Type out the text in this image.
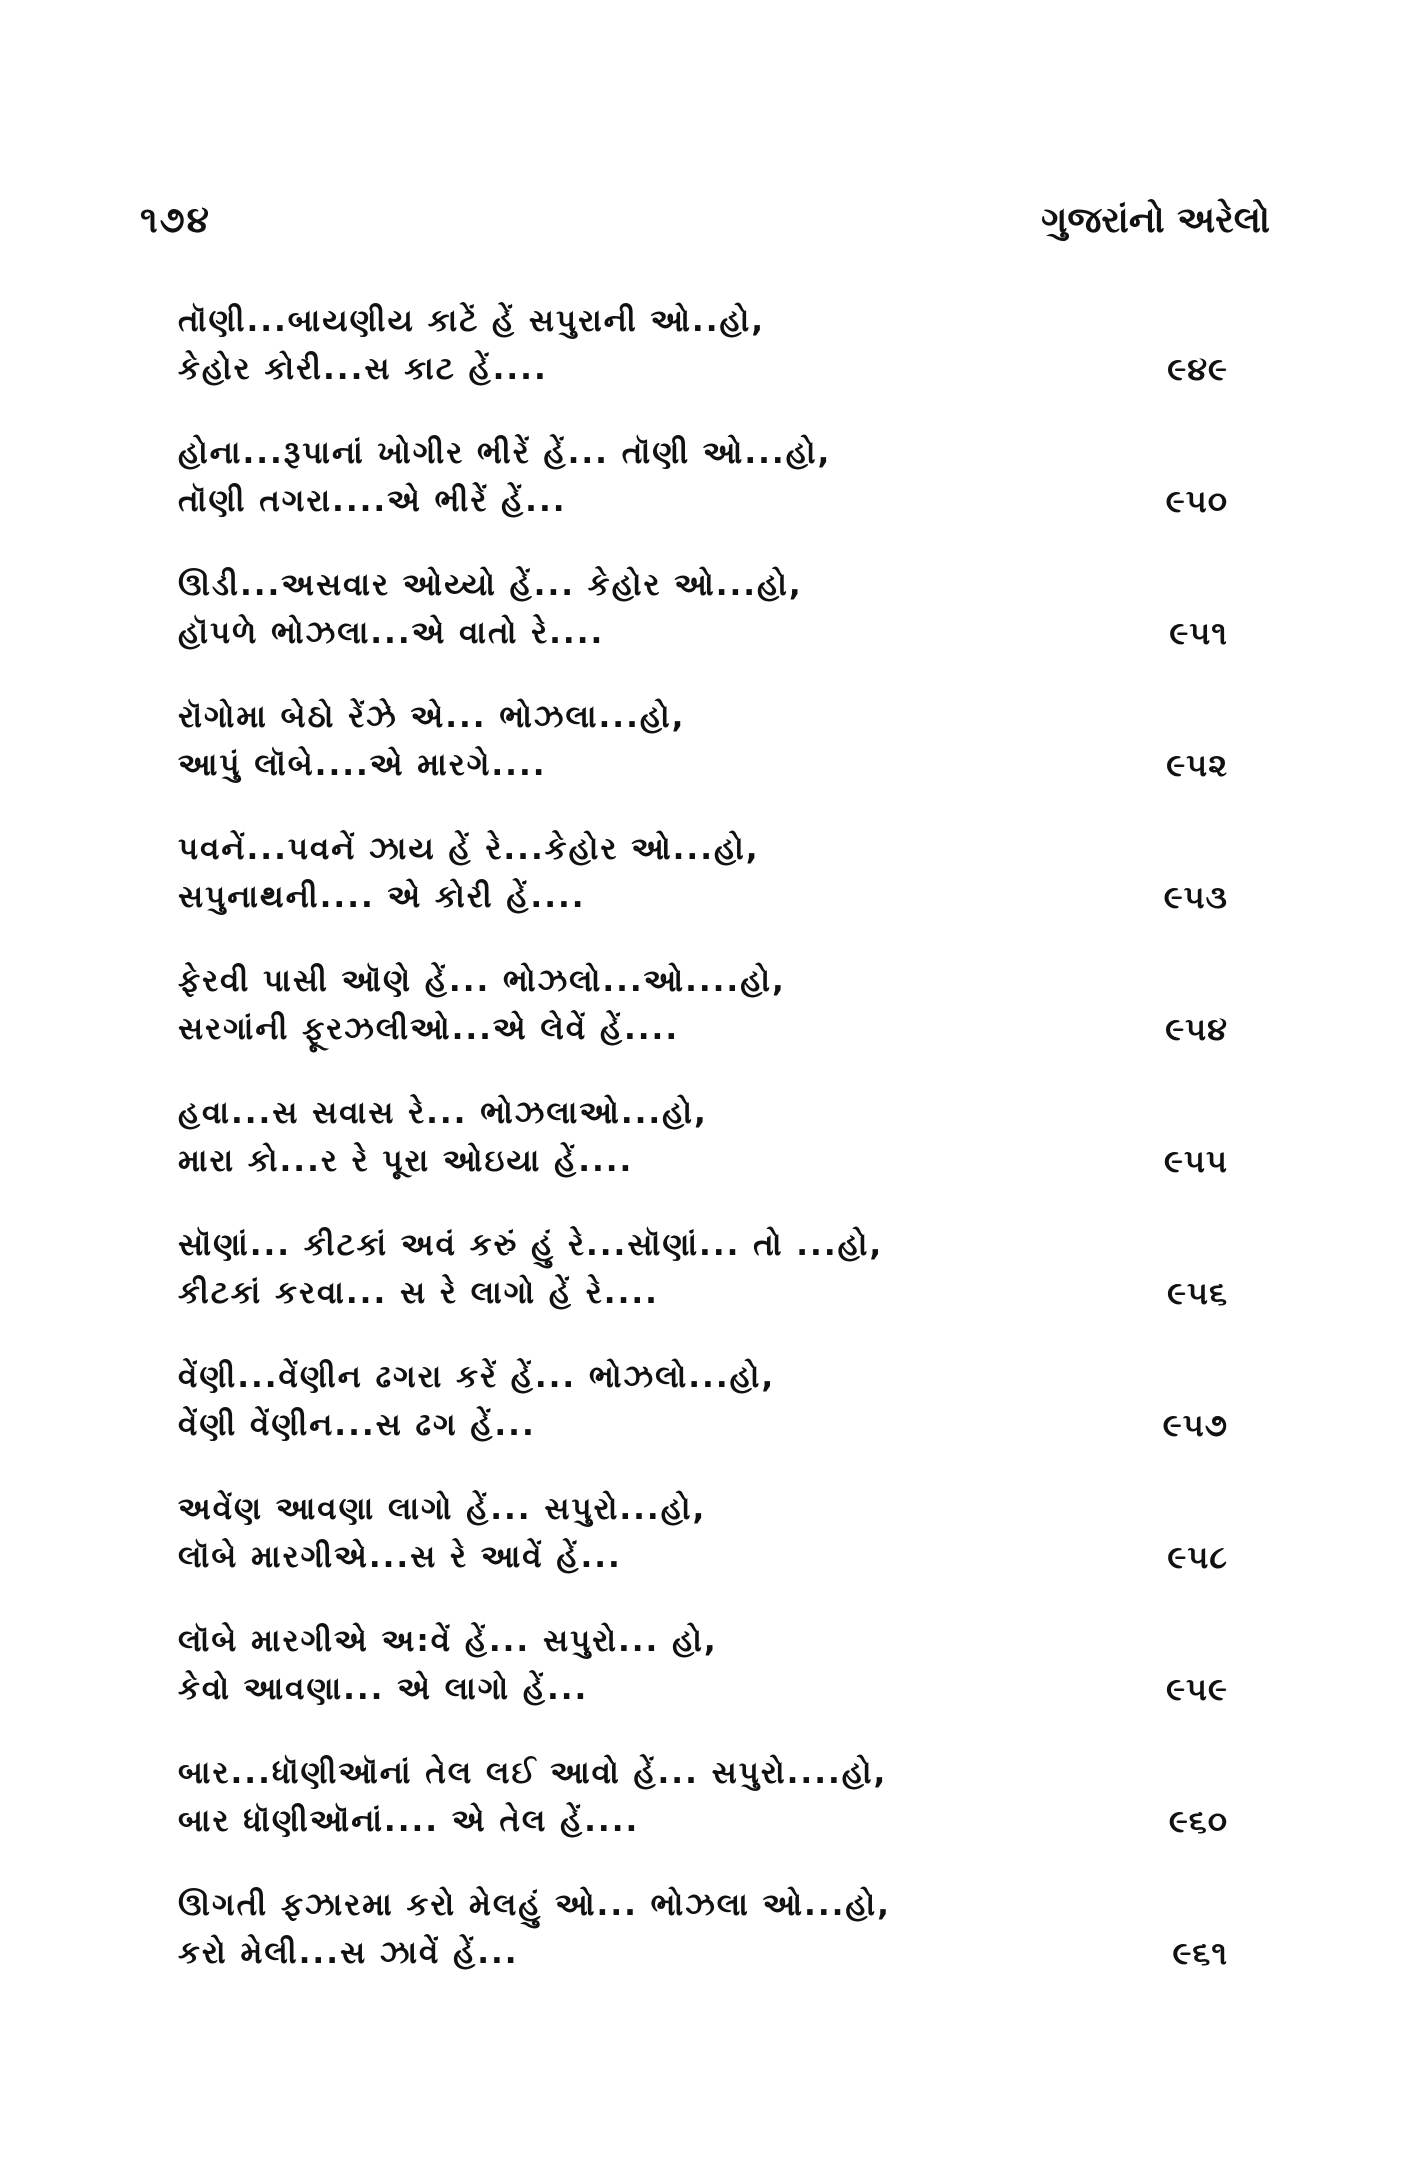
૧૭૪	ગુજરાંનો અરેલો
તૉણી...બાયણીય કાટેં હેં સપુરાની ઓ..હો,
કેહોર કોરી...સ કાટ હેં....	૯૪૯
હોના...રૂપાનાં ખોગીર ભીરેં હેં... તૉણી ઓ...હો,
તૉણી તગરા....એ ભીરેં હેં...	૯૫૦
ઊડી...અસવાર ઓય્યો હેં... કેહોર ઓ...હો,
હૉપળે ભોઝલા...એ વાતો રે....	૯૫૧
રૉગોમા બેઠો રેંઝે એ... ભોઝલા...હો,
આપું લૉબે....એ મારગે....	૯૫૨
પવનેં...પવનેં ઝાય હેં રે...કેહોર ઓ...હો,
સપુનાથની.... એ કોરી હેં....	૯૫૩
ફેરવી પાસી ઑણે હેં... ભોઝલો...ઓ....હો,
સરગાંની ફૂરઝલીઓ...એ લેવેં હેં....	૯૫૪
હવા...સ સવાસ રે... ભોઝલાઓ...હો,
મારા કો...ર રે પૂરા ઓઇયા હેં....	૯૫૫
સૉણાં... કીટકાં અવં કરું હું રે...સૉણાં... તો ...હો,
કીટકાં કરવા... સ રે લાગો હેં રે....	૯૫૬
વેંણી...વેંણીન ઢગરા કરેં હેં... ભોઝલો...હો,
વેંણી વેંણીન...સ ઢગ હેં...	૯૫૭
અવેંણ આવણા લાગો હેં... સપુરો...હો,
લૉબે મારગીએ...સ રે આવેં હેં...	૯૫૮
લૉબે મારગીએ અ:વેં હેં... સપુરો... હો,
કેવો આવણા... એ લાગો હેં...	૯૫૯
બાર...ધૉણીઑનાં તેલ લઈ આવો હેં... સપુરો....હો,
બાર ધૉણીઑનાં.... એ તેલ હેં....	૯૬૦
ઊગતી ફઝારમા કરો મેલહું ઓ... ભોઝલા ઓ...હો,
કરો મેલી...સ ઝાવેં હેં...	૯૬૧
